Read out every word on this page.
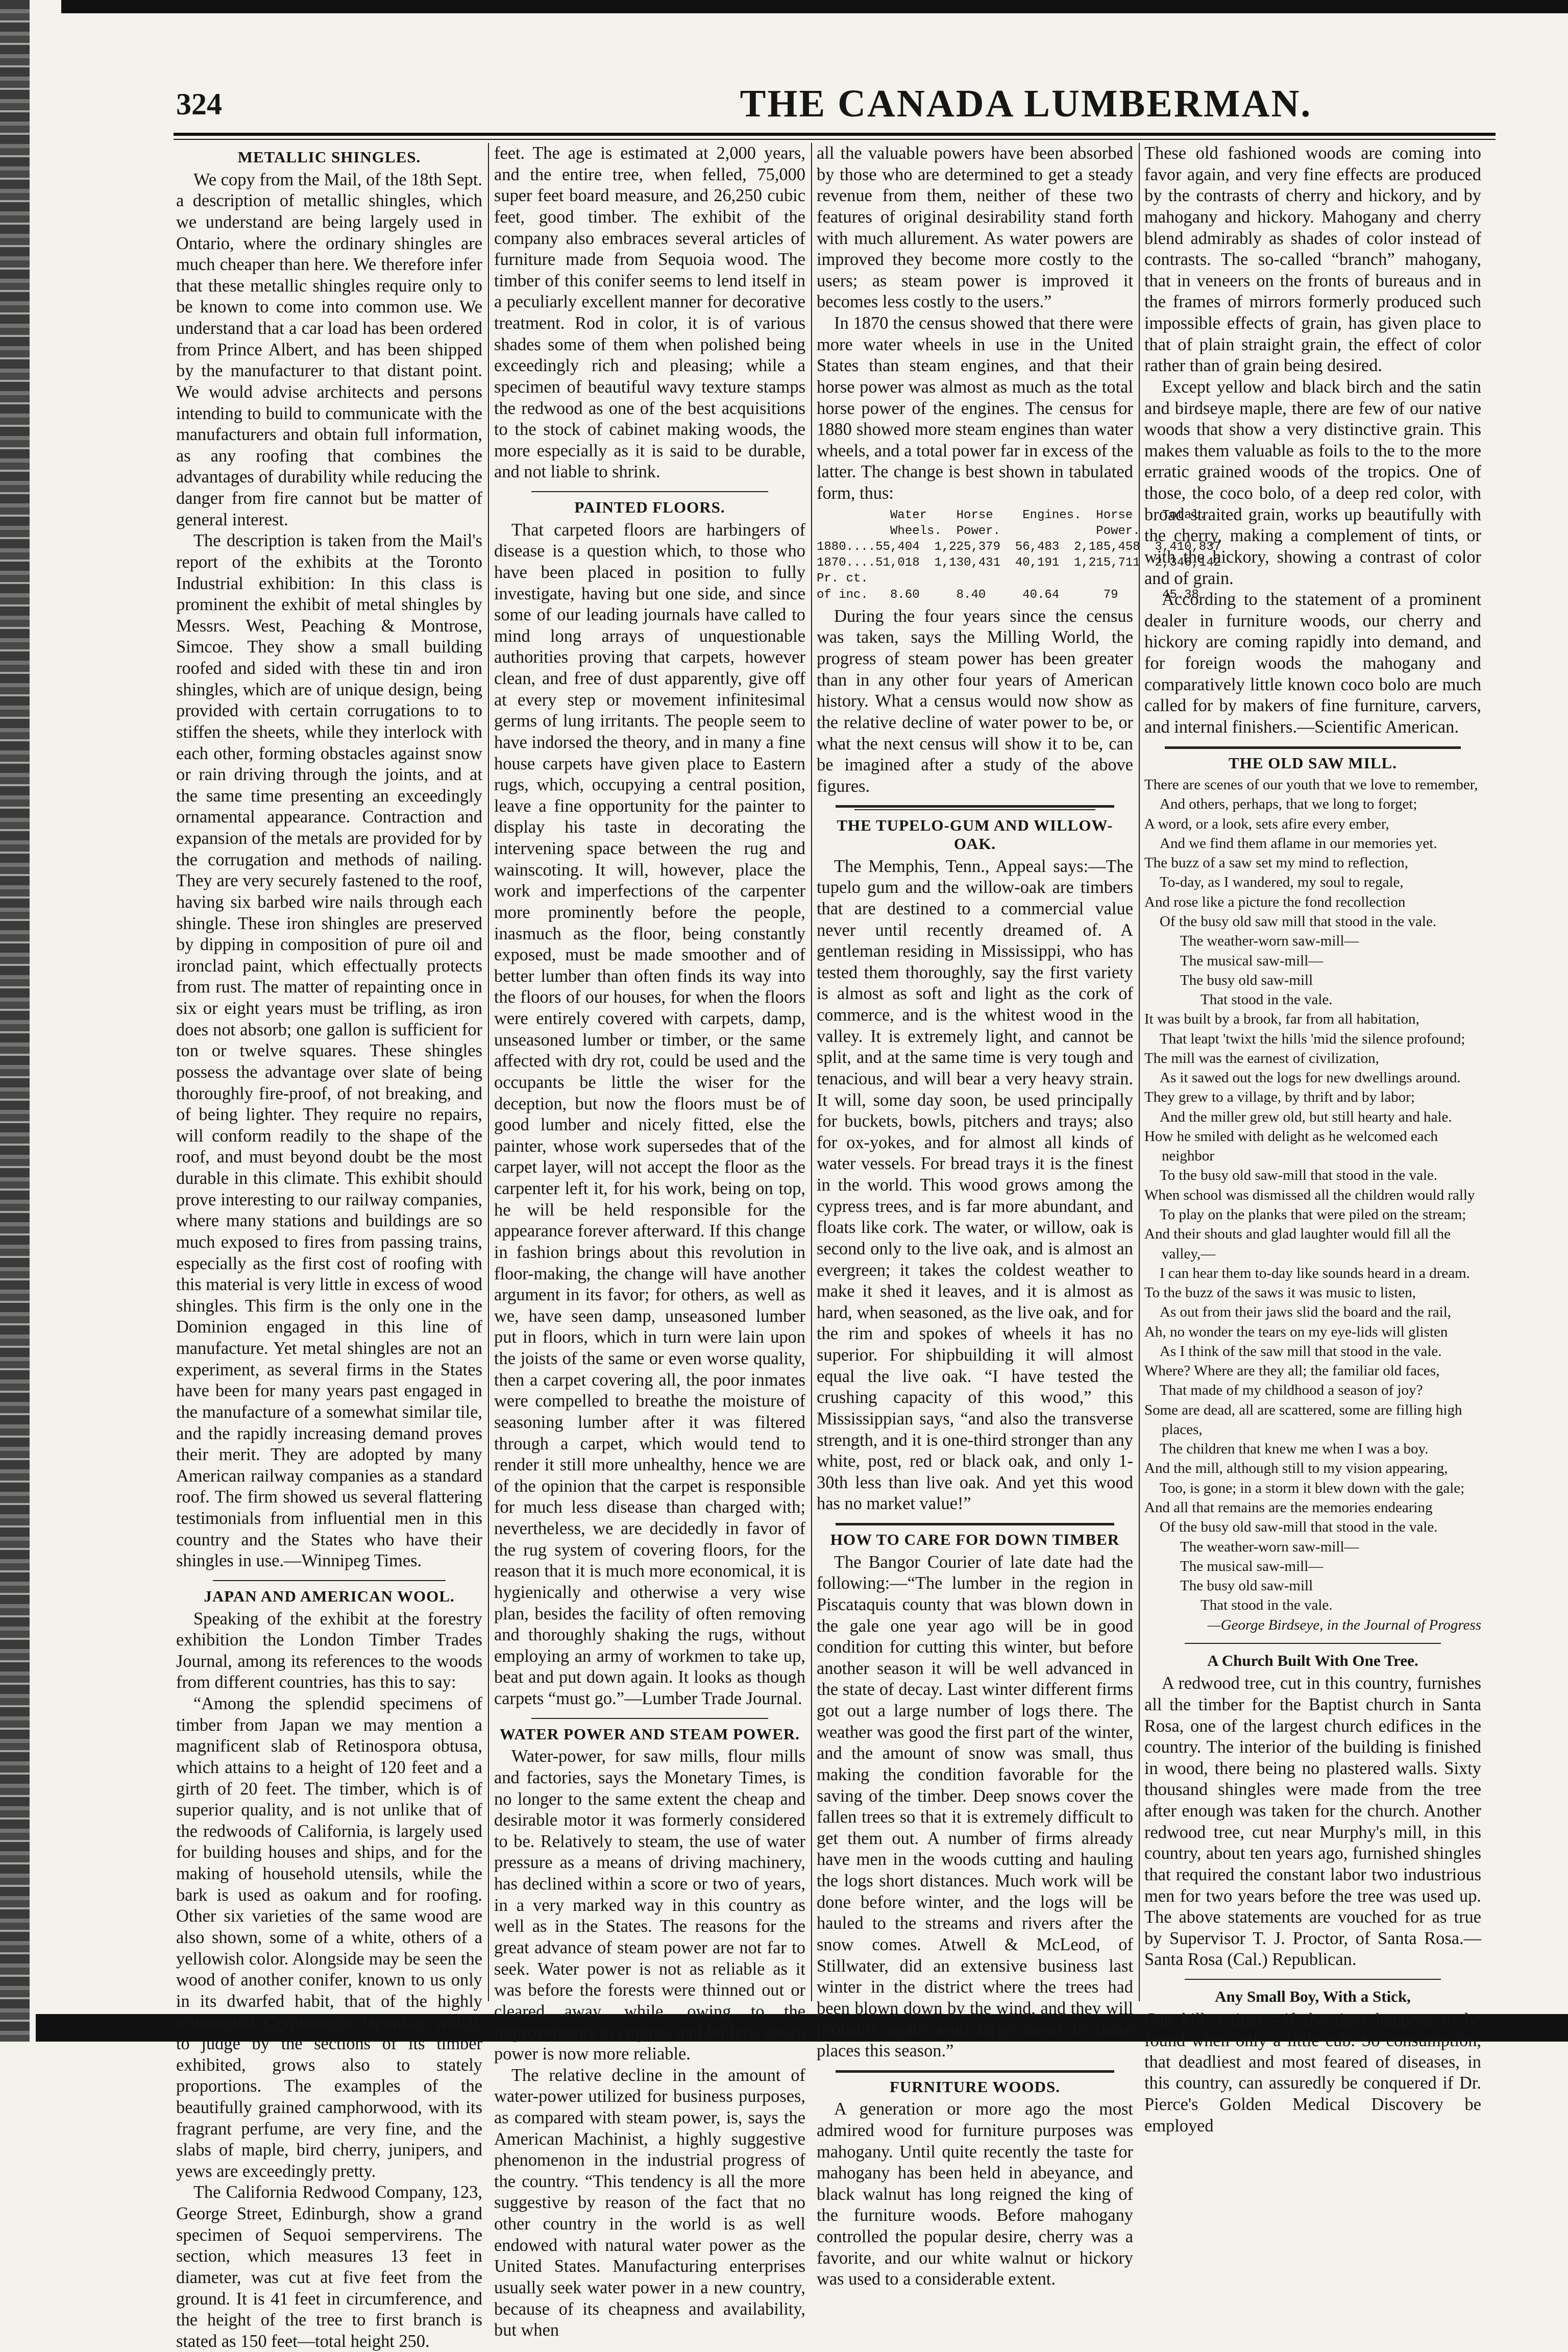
324	THE CANADA LUMBERMAN.
METALLIC SHINGLES.

We copy from the Mail, of the 18th Sept. a description of metallic shingles, which we understand are being largely used in Ontario, where the ordinary shingles are much cheaper than here. We therefore infer that these metallic shingles require only to be known to come into common use. We understand that a car load has been ordered from Prince Albert, and has been shipped by the manufacturer to that distant point. We would advise architects and persons intending to build to communicate with the manufacturers and obtain full information, as any roofing that combines the advantages of durability while reducing the danger from fire cannot but be matter of general interest.

The description is taken from the Mail's report of the exhibits at the Toronto Industrial exhibition: In this class is prominent the exhibit of metal shingles by Messrs. West, Peaching & Montrose, Simcoe. They show a small building roofed and sided with these tin and iron shingles, which are of unique design, being provided with certain corrugations to to stiffen the sheets, while they interlock with each other, forming obstacles against snow or rain driving through the joints, and at the same time presenting an exceedingly ornamental appearance. Contraction and expansion of the metals are provided for by the corrugation and methods of nailing. They are very securely fastened to the roof, having six barbed wire nails through each shingle. These iron shingles are preserved by dipping in composition of pure oil and ironclad paint, which effectually protects from rust. The matter of repainting once in six or eight years must be trifling, as iron does not absorb; one gallon is sufficient for ton or twelve squares. These shingles possess the advantage over slate of being thoroughly fire-proof, of not breaking, and of being lighter. They require no repairs, will conform readily to the shape of the roof, and must beyond doubt be the most durable in this climate. This exhibit should prove interesting to our railway companies, where many stations and buildings are so much exposed to fires from passing trains, especially as the first cost of roofing with this material is very little in excess of wood shingles. This firm is the only one in the Dominion engaged in this line of manufacture. Yet metal shingles are not an experiment, as several firms in the States have been for many years past engaged in the manufacture of a somewhat similar tile, and the rapidly increasing demand proves their merit. They are adopted by many American railway companies as a standard roof. The firm showed us several flattering testimonials from influential men in this country and the States who have their shingles in use.—Winnipeg Times.

JAPAN AND AMERICAN WOOL.

Speaking of the exhibit at the forestry exhibition the London Timber Trades Journal, among its references to the woods from different countries, has this to say:

“Among the splendid specimens of timber from Japan we may mention a magnificent slab of Retinospora obtusa, which attains to a height of 120 feet and a girth of 20 feet. The timber, which is of superior quality, and is not unlike that of the redwoods of California, is largely used for building houses and ships, and for the making of household utensils, while the bark is used as oakum and for roofing. Other six varieties of the same wood are also shown, some of a white, others of a yellowish color. Alongside may be seen the wood of another conifer, known to us only in its dwarfed habit, that of the highly ornamental Cryptomeria Japonica, which, to judge by the sections of its timber exhibited, grows also to stately proportions. The examples of the beautifully grained camphorwood, with its fragrant perfume, are very fine, and the slabs of maple, bird cherry, junipers, and yews are exceedingly pretty.

The California Redwood Company, 123, George Street, Edinburgh, show a grand specimen of Sequoi sempervirens. The section, which measures 13 feet in diameter, was cut at five feet from the ground. It is 41 feet in circumference, and the height of the tree to first branch is stated as 150 feet—total height 250.

feet. The age is estimated at 2,000 years, and the entire tree, when felled, 75,000 super feet board measure, and 26,250 cubic feet, good timber. The exhibit of the company also embraces several articles of furniture made from Sequoia wood. The timber of this conifer seems to lend itself in a peculiarly excellent manner for decorative treatment. Rod in color, it is of various shades some of them when polished being exceedingly rich and pleasing; while a specimen of beautiful wavy texture stamps the redwood as one of the best acquisitions to the stock of cabinet making woods, the more especially as it is said to be durable, and not liable to shrink.

PAINTED FLOORS.

That carpeted floors are harbingers of disease is a question which, to those who have been placed in position to fully investigate, having but one side, and since some of our leading journals have called to mind long arrays of unquestionable authorities proving that carpets, however clean, and free of dust apparently, give off at every step or movement infinitesimal germs of lung irritants. The people seem to have indorsed the theory, and in many a fine house carpets have given place to Eastern rugs, which, occupying a central position, leave a fine opportunity for the painter to display his taste in decorating the intervening space between the rug and wainscoting. It will, however, place the work and imperfections of the carpenter more prominently before the people, inasmuch as the floor, being constantly exposed, must be made smoother and of better lumber than often finds its way into the floors of our houses, for when the floors were entirely covered with carpets, damp, unseasoned lumber or timber, or the same affected with dry rot, could be used and the occupants be little the wiser for the deception, but now the floors must be of good lumber and nicely fitted, else the painter, whose work supersedes that of the carpet layer, will not accept the floor as the carpenter left it, for his work, being on top, he will be held responsible for the appearance forever afterward. If this change in fashion brings about this revolution in floor-making, the change will have another argument in its favor; for others, as well as we, have seen damp, unseasoned lumber put in floors, which in turn were lain upon the joists of the same or even worse quality, then a carpet covering all, the poor inmates were compelled to breathe the moisture of seasoning lumber after it was filtered through a carpet, which would tend to render it still more unhealthy, hence we are of the opinion that the carpet is responsible for much less disease than charged with; nevertheless, we are decidedly in favor of the rug system of covering floors, for the reason that it is much more economical, it is hygienically and otherwise a very wise plan, besides the facility of often removing and thoroughly shaking the rugs, without employing an army of workmen to take up, beat and put down again. It looks as though carpets “must go.”—Lumber Trade Journal.

WATER POWER AND STEAM POWER.

Water-power, for saw mills, flour mills and factories, says the Monetary Times, is no longer to the same extent the cheap and desirable motor it was formerly considered to be. Relatively to steam, the use of water pressure as a means of driving machinery, has declined within a score or two of years, in a very marked way in this country as well as in the States. The reasons for the great advance of steam power are not far to seek. Water power is not as reliable as it was before the forests were thinned out or cleared away, while, owing to the improvements in engines and boilers, steam power is now more reliable.

The relative decline in the amount of water-power utilized for business purposes, as compared with steam power, is, says the American Machinist, a highly suggestive phenomenon in the industrial progress of the country. “This tendency is all the more suggestive by reason of the fact that no other country in the world is as well endowed with natural water power as the United States. Manufacturing enterprises usually seek water power in a new country, because of its cheapness and availability, but when

all the valuable powers have been absorbed by those who are determined to get a steady revenue from them, neither of these two features of original desirability stand forth with much allurement. As water powers are improved they become more costly to the users; as steam power is improved it becomes less costly to the users.”

In 1870 the census showed that there were more water wheels in use in the United States than steam engines, and that their horse power was almost as much as the total horse power of the engines. The census for 1880 showed more steam engines than water wheels, and a total power far in excess of the latter. The change is best shown in tabulated form, thus:

Water    Horse    Engines.  Horse    Total.
Wheels.  Power.             Power.
1880....55,404  1,225,379  56,483  2,185,458  3,410,837
1870....51,018  1,130,431  40,191  1,215,711  2,346,142
Pr. ct.
of inc.   8.60     8.40     40.64      79      45.38

During the four years since the census was taken, says the Milling World, the progress of steam power has been greater than in any other four years of American history. What a census would now show as the relative decline of water power to be, or what the next census will show it to be, can be imagined after a study of the above figures.

THE TUPELO-GUM AND WILLOW-OAK.

The Memphis, Tenn., Appeal says:—The tupelo gum and the willow-oak are timbers that are destined to a commercial value never until recently dreamed of. A gentleman residing in Mississippi, who has tested them thoroughly, say the first variety is almost as soft and light as the cork of commerce, and is the whitest wood in the valley. It is extremely light, and cannot be split, and at the same time is very tough and tenacious, and will bear a very heavy strain. It will, some day soon, be used principally for buckets, bowls, pitchers and trays; also for ox-yokes, and for almost all kinds of water vessels. For bread trays it is the finest in the world. This wood grows among the cypress trees, and is far more abundant, and floats like cork. The water, or willow, oak is second only to the live oak, and is almost an evergreen; it takes the coldest weather to make it shed it leaves, and it is almost as hard, when seasoned, as the live oak, and for the rim and spokes of wheels it has no superior. For shipbuilding it will almost equal the live oak. “I have tested the crushing capacity of this wood,” this Mississippian says, “and also the transverse strength, and it is one-third stronger than any white, post, red or black oak, and only 1-30th less than live oak. And yet this wood has no market value!”

HOW TO CARE FOR DOWN TIMBER

The Bangor Courier of late date had the following:—“The lumber in the region in Piscataquis county that was blown down in the gale one year ago will be in good condition for cutting this winter, but before another season it will be well advanced in the state of decay. Last winter different firms got out a large number of logs there. The weather was good the first part of the winter, and the amount of snow was small, thus making the condition favorable for the saving of the timber. Deep snows cover the fallen trees so that it is extremely difficult to get them out. A number of firms already have men in the woods cutting and hauling the logs short distances. Much work will be done before winter, and the logs will be hauled to the streams and rivers after the snow comes. Atwell & McLeod, of Stillwater, did an extensive business last winter in the district where the trees had been blown down by the wind, and they will probably again send large crews to those places this season.”

FURNITURE WOODS.

A generation or more ago the most admired wood for furniture purposes was mahogany. Until quite recently the taste for mahogany has been held in abeyance, and black walnut has long reigned the king of the furniture woods. Before mahogany controlled the popular desire, cherry was a favorite, and our white walnut or hickory was used to a considerable extent.

These old fashioned woods are coming into favor again, and very fine effects are produced by the contrasts of cherry and hickory, and by mahogany and hickory. Mahogany and cherry blend admirably as shades of color instead of contrasts. The so-called “branch” mahogany, that in veneers on the fronts of bureaus and in the frames of mirrors formerly produced such impossible effects of grain, has given place to that of plain straight grain, the effect of color rather than of grain being desired.

Except yellow and black birch and the satin and birdseye maple, there are few of our native woods that show a very distinctive grain. This makes them valuable as foils to the to the more erratic grained woods of the tropics. One of those, the coco bolo, of a deep red color, with broad straited grain, works up beautifully with the cherry, making a complement of tints, or with the hickory, showing a contrast of color and of grain.

According to the statement of a prominent dealer in furniture woods, our cherry and hickory are coming rapidly into demand, and for foreign woods the mahogany and comparatively little known coco bolo are much called for by makers of fine furniture, carvers, and internal finishers.—Scientific American.

THE OLD SAW MILL.
There are scenes of our youth that we love to remember,
And others, perhaps, that we long to forget;
A word, or a look, sets afire every ember,
And we find them aflame in our memories yet.
The buzz of a saw set my mind to reflection,
To-day, as I wandered, my soul to regale,
And rose like a picture the fond recollection
Of the busy old saw mill that stood in the vale.
The weather-worn saw-mill—
The musical saw-mill—
The busy old saw-mill
That stood in the vale.
It was built by a brook, far from all habitation,
That leapt 'twixt the hills 'mid the silence profound;
The mill was the earnest of civilization,
As it sawed out the logs for new dwellings around.
They grew to a village, by thrift and by labor;
And the miller grew old, but still hearty and hale.
How he smiled with delight as he welcomed each neighbor
To the busy old saw-mill that stood in the vale.
When school was dismissed all the children would rally
To play on the planks that were piled on the stream;
And their shouts and glad laughter would fill all the valley,—
I can hear them to-day like sounds heard in a dream.
To the buzz of the saws it was music to listen,
As out from their jaws slid the board and the rail,
Ah, no wonder the tears on my eye-lids will glisten
As I think of the saw mill that stood in the vale.
Where? Where are they all; the familiar old faces,
That made of my childhood a season of joy?
Some are dead, all are scattered, some are filling high places,
The children that knew me when I was a boy.
And the mill, although still to my vision appearing,
Too, is gone; in a storm it blew down with the gale;
And all that remains are the memories endearing
Of the busy old saw-mill that stood in the vale.
The weather-worn saw-mill—
The musical saw-mill—
The busy old saw-mill
That stood in the vale.
—George Birdseye, in the Journal of Progress
A Church Built With One Tree.

A redwood tree, cut in this country, furnishes all the timber for the Baptist church in Santa Rosa, one of the largest church edifices in the country. The interior of the building is finished in wood, there being no plastered walls. Sixty thousand shingles were made from the tree after enough was taken for the church. Another redwood tree, cut near Murphy's mill, in this country, about ten years ago, furnished shingles that required the constant labor two industrious men for two years before the tree was used up. The above statements are vouched for as true by Supervisor T. J. Proctor, of Santa Rosa.—Santa Rosa (Cal.) Republican.

Any Small Boy, With a Stick,

Can kill a tiger,—if the tiger happens to be found when only a little cub. So consumption, that deadliest and most feared of diseases, in this country, can assuredly be conquered if Dr. Pierce's Golden Medical Discovery be employed
